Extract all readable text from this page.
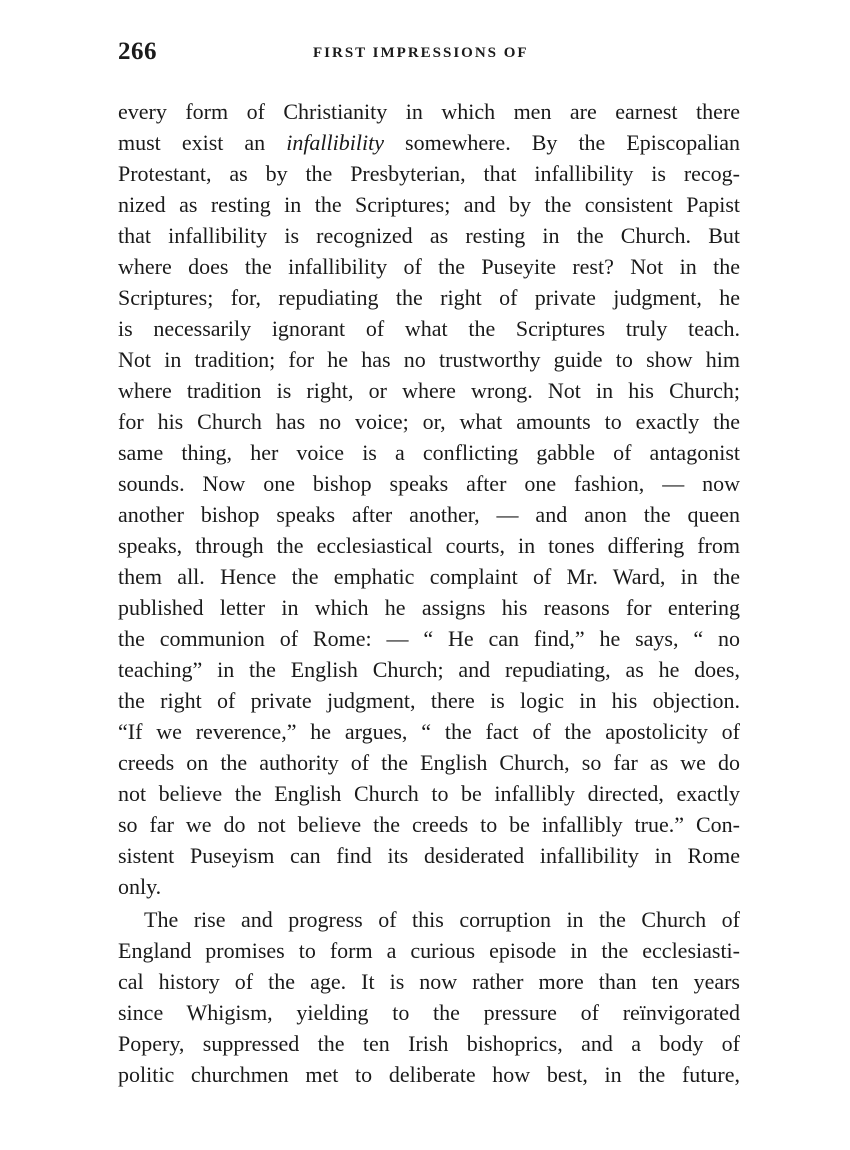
266	FIRST IMPRESSIONS OF
every form of Christianity in which men are earnest there
must exist an infallibility somewhere. By the Episcopalian
Protestant, as by the Presbyterian, that infallibility is recog-
nized as resting in the Scriptures; and by the consistent Papist
that infallibility is recognized as resting in the Church. But
where does the infallibility of the Puseyite rest? Not in the
Scriptures; for, repudiating the right of private judgment, he
is necessarily ignorant of what the Scriptures truly teach.
Not in tradition; for he has no trustworthy guide to show him
where tradition is right, or where wrong. Not in his Church;
for his Church has no voice; or, what amounts to exactly the
same thing, her voice is a conflicting gabble of antagonist
sounds. Now one bishop speaks after one fashion, — now
another bishop speaks after another, — and anon the queen
speaks, through the ecclesiastical courts, in tones differing from
them all. Hence the emphatic complaint of Mr. Ward, in the
published letter in which he assigns his reasons for entering
the communion of Rome: — “ He can find,” he says, “ no
teaching” in the English Church; and repudiating, as he does,
the right of private judgment, there is logic in his objection.
“If we reverence,” he argues, “ the fact of the apostolicity of
creeds on the authority of the English Church, so far as we do
not believe the English Church to be infallibly directed, exactly
so far we do not believe the creeds to be infallibly true.” Con-
sistent Puseyism can find its desiderated infallibility in Rome
only.
The rise and progress of this corruption in the Church of
England promises to form a curious episode in the ecclesiasti-
cal history of the age. It is now rather more than ten years
since Whigism, yielding to the pressure of reïnvigorated
Popery, suppressed the ten Irish bishoprics, and a body of
politic churchmen met to deliberate how best, in the future,
